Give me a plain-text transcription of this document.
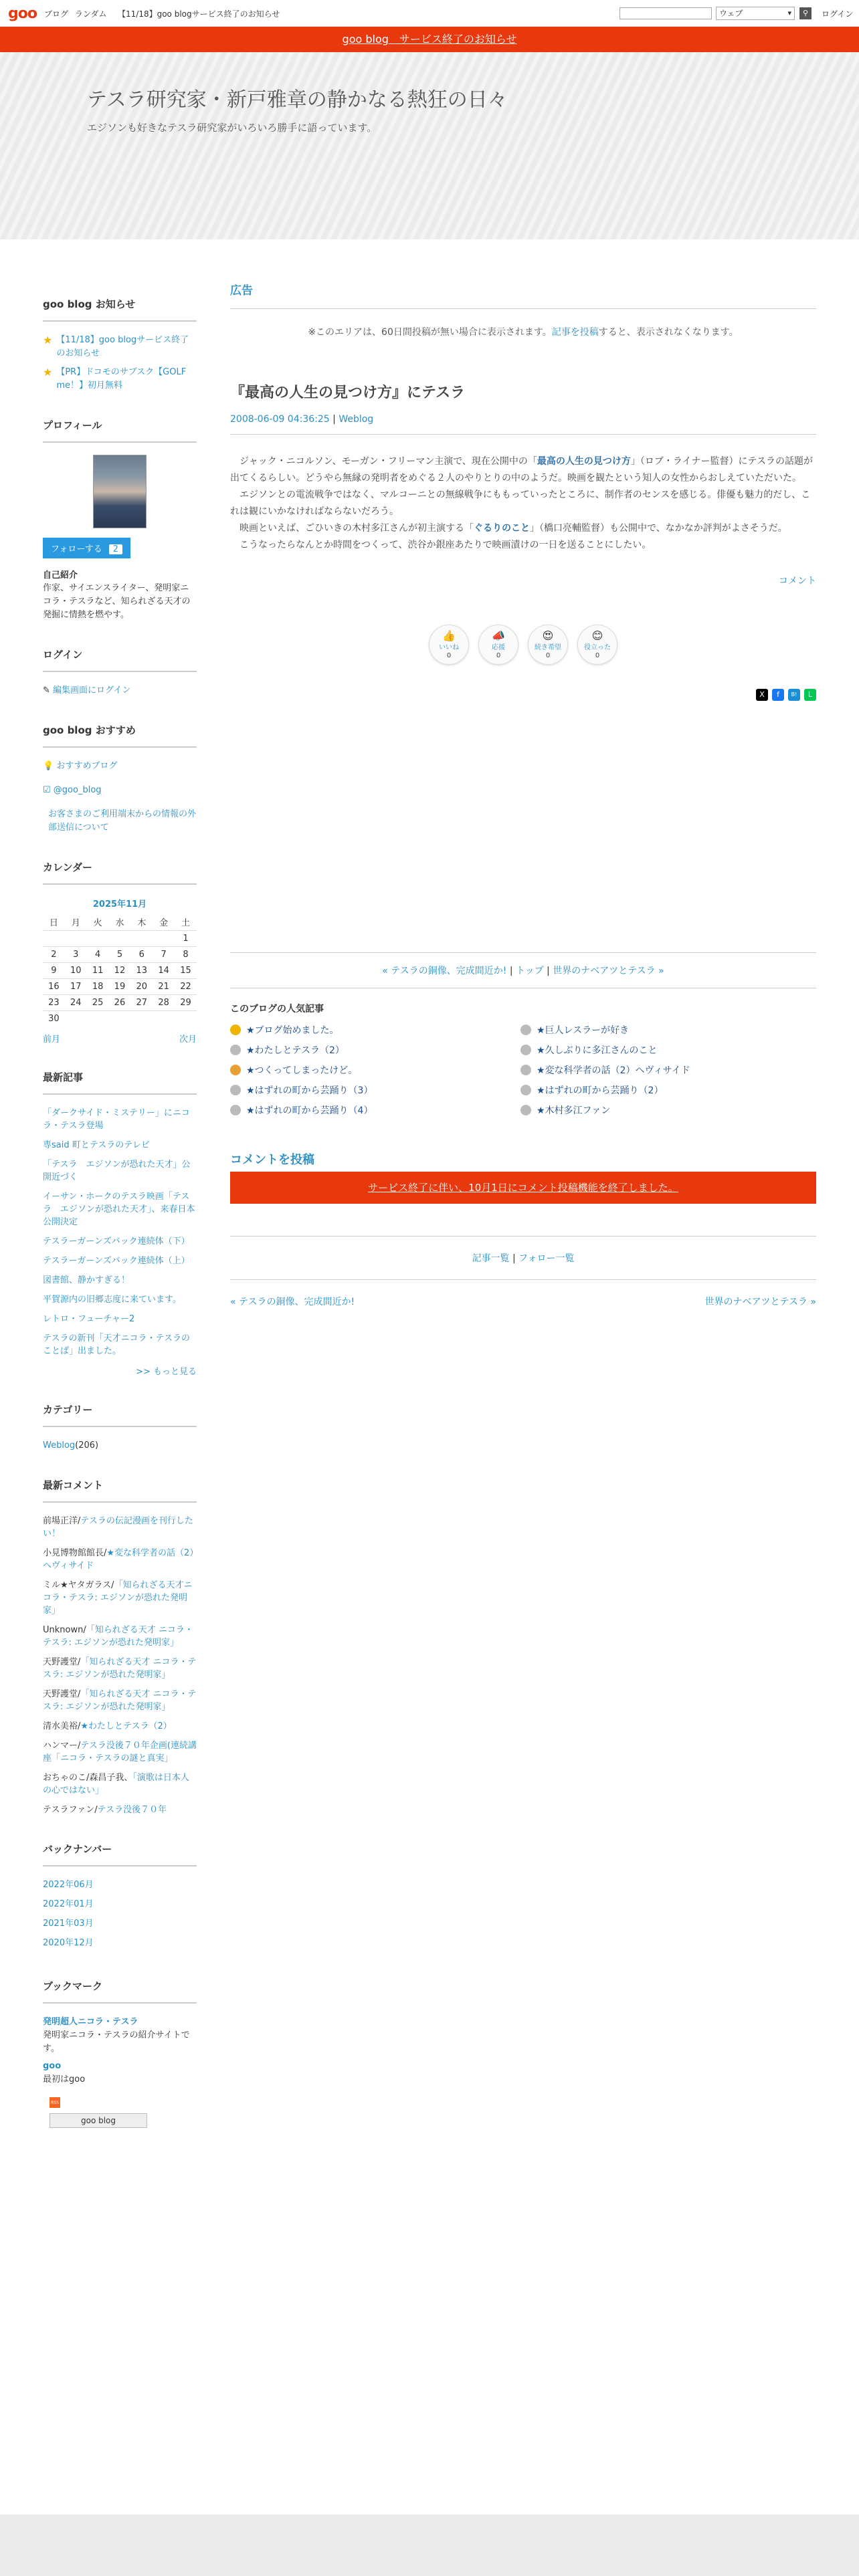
goo ブログ ランダム 【11/18】goo blogサービス終了のお知らせ	ウェブ ▾	⚲	ログイン
goo blog　サービス終了のお知らせ
テスラ研究家・新戸雅章の静かなる熱狂の日々
エジソンも好きなテスラ研究家がいろいろ勝手に語っています。
goo blog お知らせ
★ 【11/18】goo blogサービス終了のお知らせ
★ 【PR】ドコモのサブスク【GOLF me！】初月無料
プロフィール
フォローする 2
自己紹介
作家、サイエンスライター、発明家ニコラ・テスラなど、知られざる天才の発掘に情熱を燃やす。
ログイン
✎ 編集画面にログイン
goo blog おすすめ
💡 おすすめブログ
☑ @goo_blog
お客さまのご利用端末からの情報の外部送信について
カレンダー
2025年11月
日	月	火	水	木	金	土
						1
2	3	4	5	6	7	8
9	10	11	12	13	14	15
16	17	18	19	20	21	22
23	24	25	26	27	28	29
30						
前月	次月
最新記事
「ダークサイド・ミステリー」にニコラ・テスラ登場
専said 町とテスラのテレビ
「テスラ　エジソンが恐れた天才」公開近づく
イーサン・ホークのテスラ映画「テスラ　エジソンが恐れた天才」、来春日本公開決定
テスラーガーンズバック連続体（下）
テスラーガーンズバック連続体（上）
図書館、静かすぎる！
平賀源内の旧郷志度に来ています。
レトロ・フューチャー2
テスラの新刊「天才ニコラ・テスラのことば」出ました。
>> もっと見る
カテゴリー
Weblog(206)
最新コメント
前場正洋/テスラの伝記漫画を刊行したい！
小見博物館館長/★変な科学者の話（2）ヘヴィサイド
ミル★ヤタガラス/「知られざる天才ニコラ・テスラ: エジソンが恐れた発明家」
Unknown/「知られざる天才 ニコラ・テスラ: エジソンが恐れた発明家」
天野護堂/「知られざる天才 ニコラ・テスラ: エジソンが恐れた発明家」
天野護堂/「知られざる天才 ニコラ・テスラ: エジソンが恐れた発明家」
清水美裕/★わたしとテスラ（2）
ハンマー/テスラ没後７０年企画(連続講座「ニコラ・テスラの謎と真実」
おちゃのこ/森昌子我、「演歌は日本人の心ではない」
テスラファン/テスラ没後７０年
バックナンバー
2022年06月
2022年01月
2021年03月
2020年12月
ブックマーク
発明超人ニコラ・テスラ

発明家ニコラ・テスラの紹介サイトです。

goo

最初はgoo

RSS
goo blog
広告
※このエリアは、60日間投稿が無い場合に表示されます。記事を投稿すると、表示されなくなります。
『最高の人生の見つけ方』にテスラ
2008-06-09 04:36:25 | Weblog

ジャック・ニコルソン、モーガン・フリーマン主演で、現在公開中の「最高の人生の見つけ方」（ロブ・ライナー監督）にテスラの話題が出てくるらしい。どうやら無縁の発明者をめぐる２人のやりとりの中のようだ。映画を観たという知人の女性からおしえていただいた。

エジソンとの電流戦争ではなく、マルコーニとの無線戦争にももっていったところに、制作者のセンスを感じる。俳優も魅力的だし、これは観にいかなければならないだろう。

映画といえば、ごひいきの木村多江さんが初主演する「ぐるりのこと」（橋口亮輔監督）も公開中で、なかなか評判がよさそうだ。

こうなったらなんとか時間をつくって、渋谷か銀座あたりで映画漬けの一日を送ることにしたい。

コメント
👍
いいね
0
📣
応援
0
😍
続き希望
0
😊
役立った
0
X	f	B!	L
« テスラの銅像、完成間近か! | トップ | 世界のナベアツとテスラ »
このブログの人気記事
★ブログ始めました。	★巨人レスラーが好き
★わたしとテスラ（2）	★久しぶりに多江さんのこと
★つくってしまったけど。	★変な科学者の話（2）ヘヴィサイド
★はずれの町から芸踊り（3）	★はずれの町から芸踊り（2）
★はずれの町から芸踊り（4）	★木村多江ファン
コメントを投稿
サービス終了に伴い、10月1日にコメント投稿機能を終了しました。
記事一覧 | フォロー一覧
« テスラの銅像、完成間近か!	世界のナベアツとテスラ »
